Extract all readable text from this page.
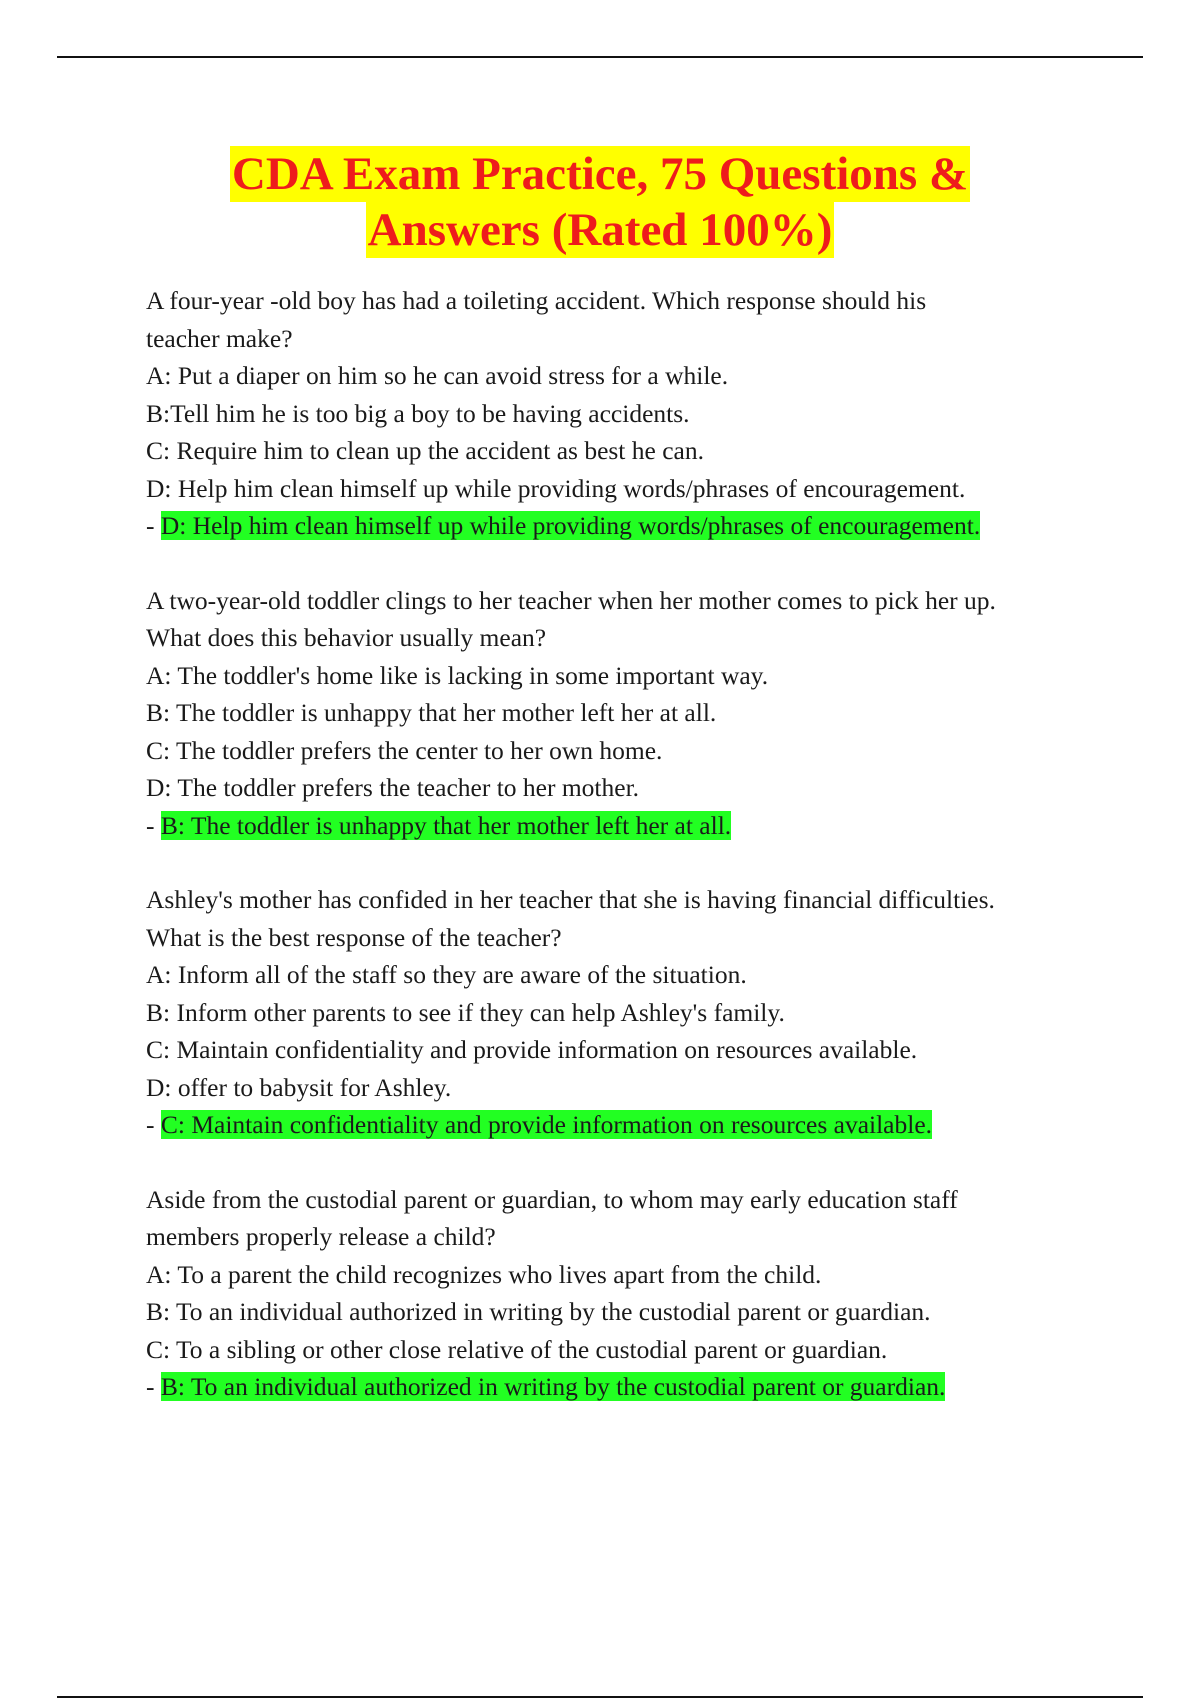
CDA Exam Practice, 75 Questions &
Answers (Rated 100%)

A four-year -old boy has had a toileting accident. Which response should his

teacher make?

A: Put a diaper on him so he can avoid stress for a while.

B:Tell him he is too big a boy to be having accidents.

C: Require him to clean up the accident as best he can.

D: Help him clean himself up while providing words/phrases of encouragement.

- D: Help him clean himself up while providing words/phrases of encouragement.

A two-year-old toddler clings to her teacher when her mother comes to pick her up.

What does this behavior usually mean?

A: The toddler's home like is lacking in some important way.

B: The toddler is unhappy that her mother left her at all.

C: The toddler prefers the center to her own home.

D: The toddler prefers the teacher to her mother.

- B: The toddler is unhappy that her mother left her at all.

Ashley's mother has confided in her teacher that she is having financial difficulties.

What is the best response of the teacher?

A: Inform all of the staff so they are aware of the situation.

B: Inform other parents to see if they can help Ashley's family.

C: Maintain confidentiality and provide information on resources available.

D: offer to babysit for Ashley.

- C: Maintain confidentiality and provide information on resources available.

Aside from the custodial parent or guardian, to whom may early education staff

members properly release a child?

A: To a parent the child recognizes who lives apart from the child.

B: To an individual authorized in writing by the custodial parent or guardian.

C: To a sibling or other close relative of the custodial parent or guardian.

- B: To an individual authorized in writing by the custodial parent or guardian.
